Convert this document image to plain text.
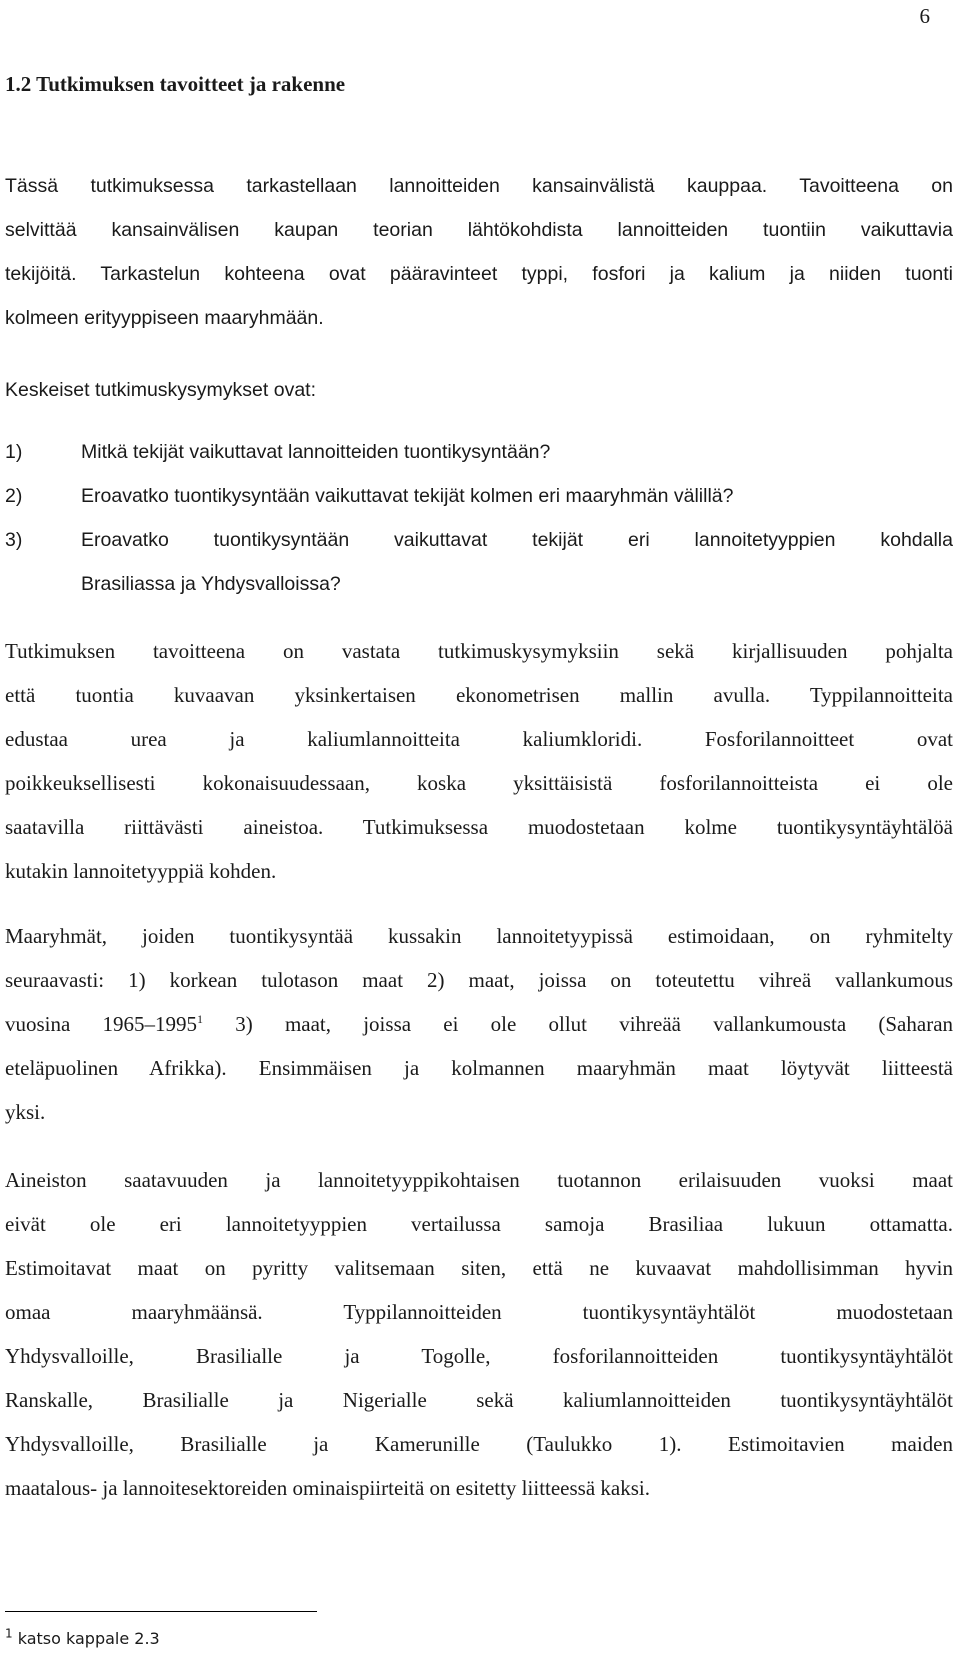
6
1.2 Tutkimuksen tavoitteet ja rakenne
Tässä tutkimuksessa tarkastellaan lannoitteiden kansainvälistä kauppaa. Tavoitteena on
selvittää kansainvälisen kaupan teorian lähtökohdista lannoitteiden tuontiin vaikuttavia
tekijöitä. Tarkastelun kohteena ovat pääravinteet typpi, fosfori ja kalium ja niiden tuonti
kolmeen erityyppiseen maaryhmään.
Keskeiset tutkimuskysymykset ovat:
1)	Mitkä tekijät vaikuttavat lannoitteiden tuontikysyntään?
2)	Eroavatko tuontikysyntään vaikuttavat tekijät kolmen eri maaryhmän välillä?
3)	Eroavatko tuontikysyntään vaikuttavat tekijät eri lannoitetyyppien kohdalla
Brasiliassa ja Yhdysvalloissa?
Tutkimuksen tavoitteena on vastata tutkimuskysymyksiin sekä kirjallisuuden pohjalta
että tuontia kuvaavan yksinkertaisen ekonometrisen mallin avulla. Typpilannoitteita
edustaa urea ja kaliumlannoitteita kaliumkloridi. Fosforilannoitteet ovat
poikkeuksellisesti kokonaisuudessaan, koska yksittäisistä fosforilannoitteista ei ole
saatavilla riittävästi aineistoa. Tutkimuksessa muodostetaan kolme tuontikysyntäyhtälöä
kutakin lannoitetyyppiä kohden.
Maaryhmät, joiden tuontikysyntää kussakin lannoitetyypissä estimoidaan, on ryhmitelty
seuraavasti: 1) korkean tulotason maat 2) maat, joissa on toteutettu vihreä vallankumous
vuosina 1965–1995$^1$ 3) maat, joissa ei ole ollut vihreää vallankumousta (Saharan
eteläpuolinen Afrikka). Ensimmäisen ja kolmannen maaryhmän maat löytyvät liitteestä
yksi.
Aineiston saatavuuden ja lannoitetyyppikohtaisen tuotannon erilaisuuden vuoksi maat
eivät ole eri lannoitetyyppien vertailussa samoja Brasiliaa lukuun ottamatta.
Estimoitavat maat on pyritty valitsemaan siten, että ne kuvaavat mahdollisimman hyvin
omaa maaryhmäänsä. Typpilannoitteiden tuontikysyntäyhtälöt muodostetaan
Yhdysvalloille, Brasilialle ja Togolle, fosforilannoitteiden tuontikysyntäyhtälöt
Ranskalle, Brasilialle ja Nigerialle sekä kaliumlannoitteiden tuontikysyntäyhtälöt
Yhdysvalloille, Brasilialle ja Kamerunille (Taulukko 1). Estimoitavien maiden
maatalous- ja lannoitesektoreiden ominaispiirteitä on esitetty liitteessä kaksi.
$^1$ katso kappale 2.3
